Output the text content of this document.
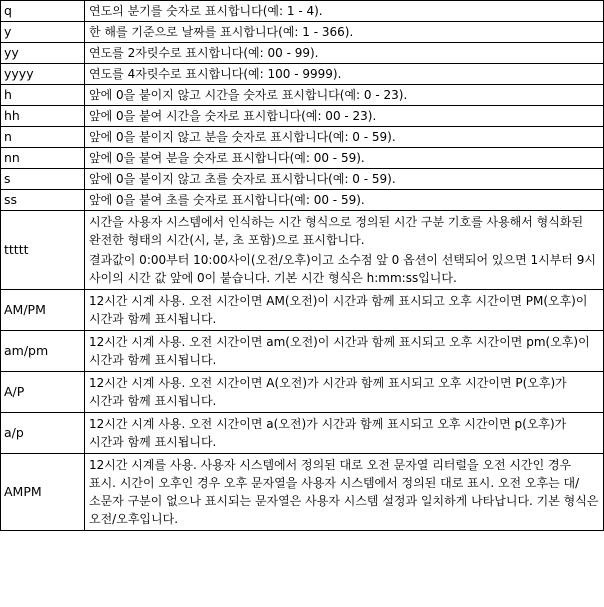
q	연도의 분기를 숫자로 표시합니다(예: 1 - 4).

y	한 해를 기준으로 날짜를 표시합니다(예: 1 - 366).

yy	연도를 2자릿수로 표시합니다(예: 00 - 99).

yyyy	연도를 4자릿수로 표시합니다(예: 100 - 9999).

h	앞에 0을 붙이지 않고 시간을 숫자로 표시합니다(예: 0 - 23).

hh	앞에 0을 붙여 시간을 숫자로 표시합니다(예: 00 - 23).

n	앞에 0을 붙이지 않고 분을 숫자로 표시합니다(예: 0 - 59).

nn	앞에 0을 붙여 분을 숫자로 표시합니다(예: 00 - 59).

s	앞에 0을 붙이지 않고 초를 숫자로 표시합니다(예: 0 - 59).

ss	앞에 0을 붙여 초를 숫자로 표시합니다(예: 00 - 59).

ttttt	시간을 사용자 시스템에서 인식하는 시간 형식으로 정의된 시간 구분 기호를 사용해서 형식화된 완전한 형태의 시간(시, 분, 초 포함)으로 표시합니다.

결과값이 0:00부터 10:00사이(오전/오후)이고 소수점 앞 0 옵션이 선택되어 있으면 1시부터 9시 사이의 시간 값 앞에 0이 붙습니다. 기본 시간 형식은 h:mm:ss입니다.

AM/PM	12시간 시계 사용. 오전 시간이면 AM(오전)이 시간과 함께 표시되고 오후 시간이면 PM(오후)이 시간과 함께 표시됩니다.

am/pm	12시간 시계 사용. 오전 시간이면 am(오전)이 시간과 함께 표시되고 오후 시간이면 pm(오후)이 시간과 함께 표시됩니다.

A/P	12시간 시계 사용. 오전 시간이면 A(오전)가 시간과 함께 표시되고 오후 시간이면 P(오후)가 시간과 함께 표시됩니다.

a/p	12시간 시계 사용. 오전 시간이면 a(오전)가 시간과 함께 표시되고 오후 시간이면 p(오후)가 시간과 함께 표시됩니다.

AMPM	12시간 시계를 사용. 사용자 시스템에서 정의된 대로 오전 문자열 리터럴을 오전 시간인 경우 표시. 시간이 오후인 경우 오후 문자열을 사용자 시스템에서 정의된 대로 표시. 오전 오후는 대/소문자 구분이 없으나 표시되는 문자열은 사용자 시스템 설정과 일치하게 나타납니다. 기본 형식은 오전/오후입니다.
